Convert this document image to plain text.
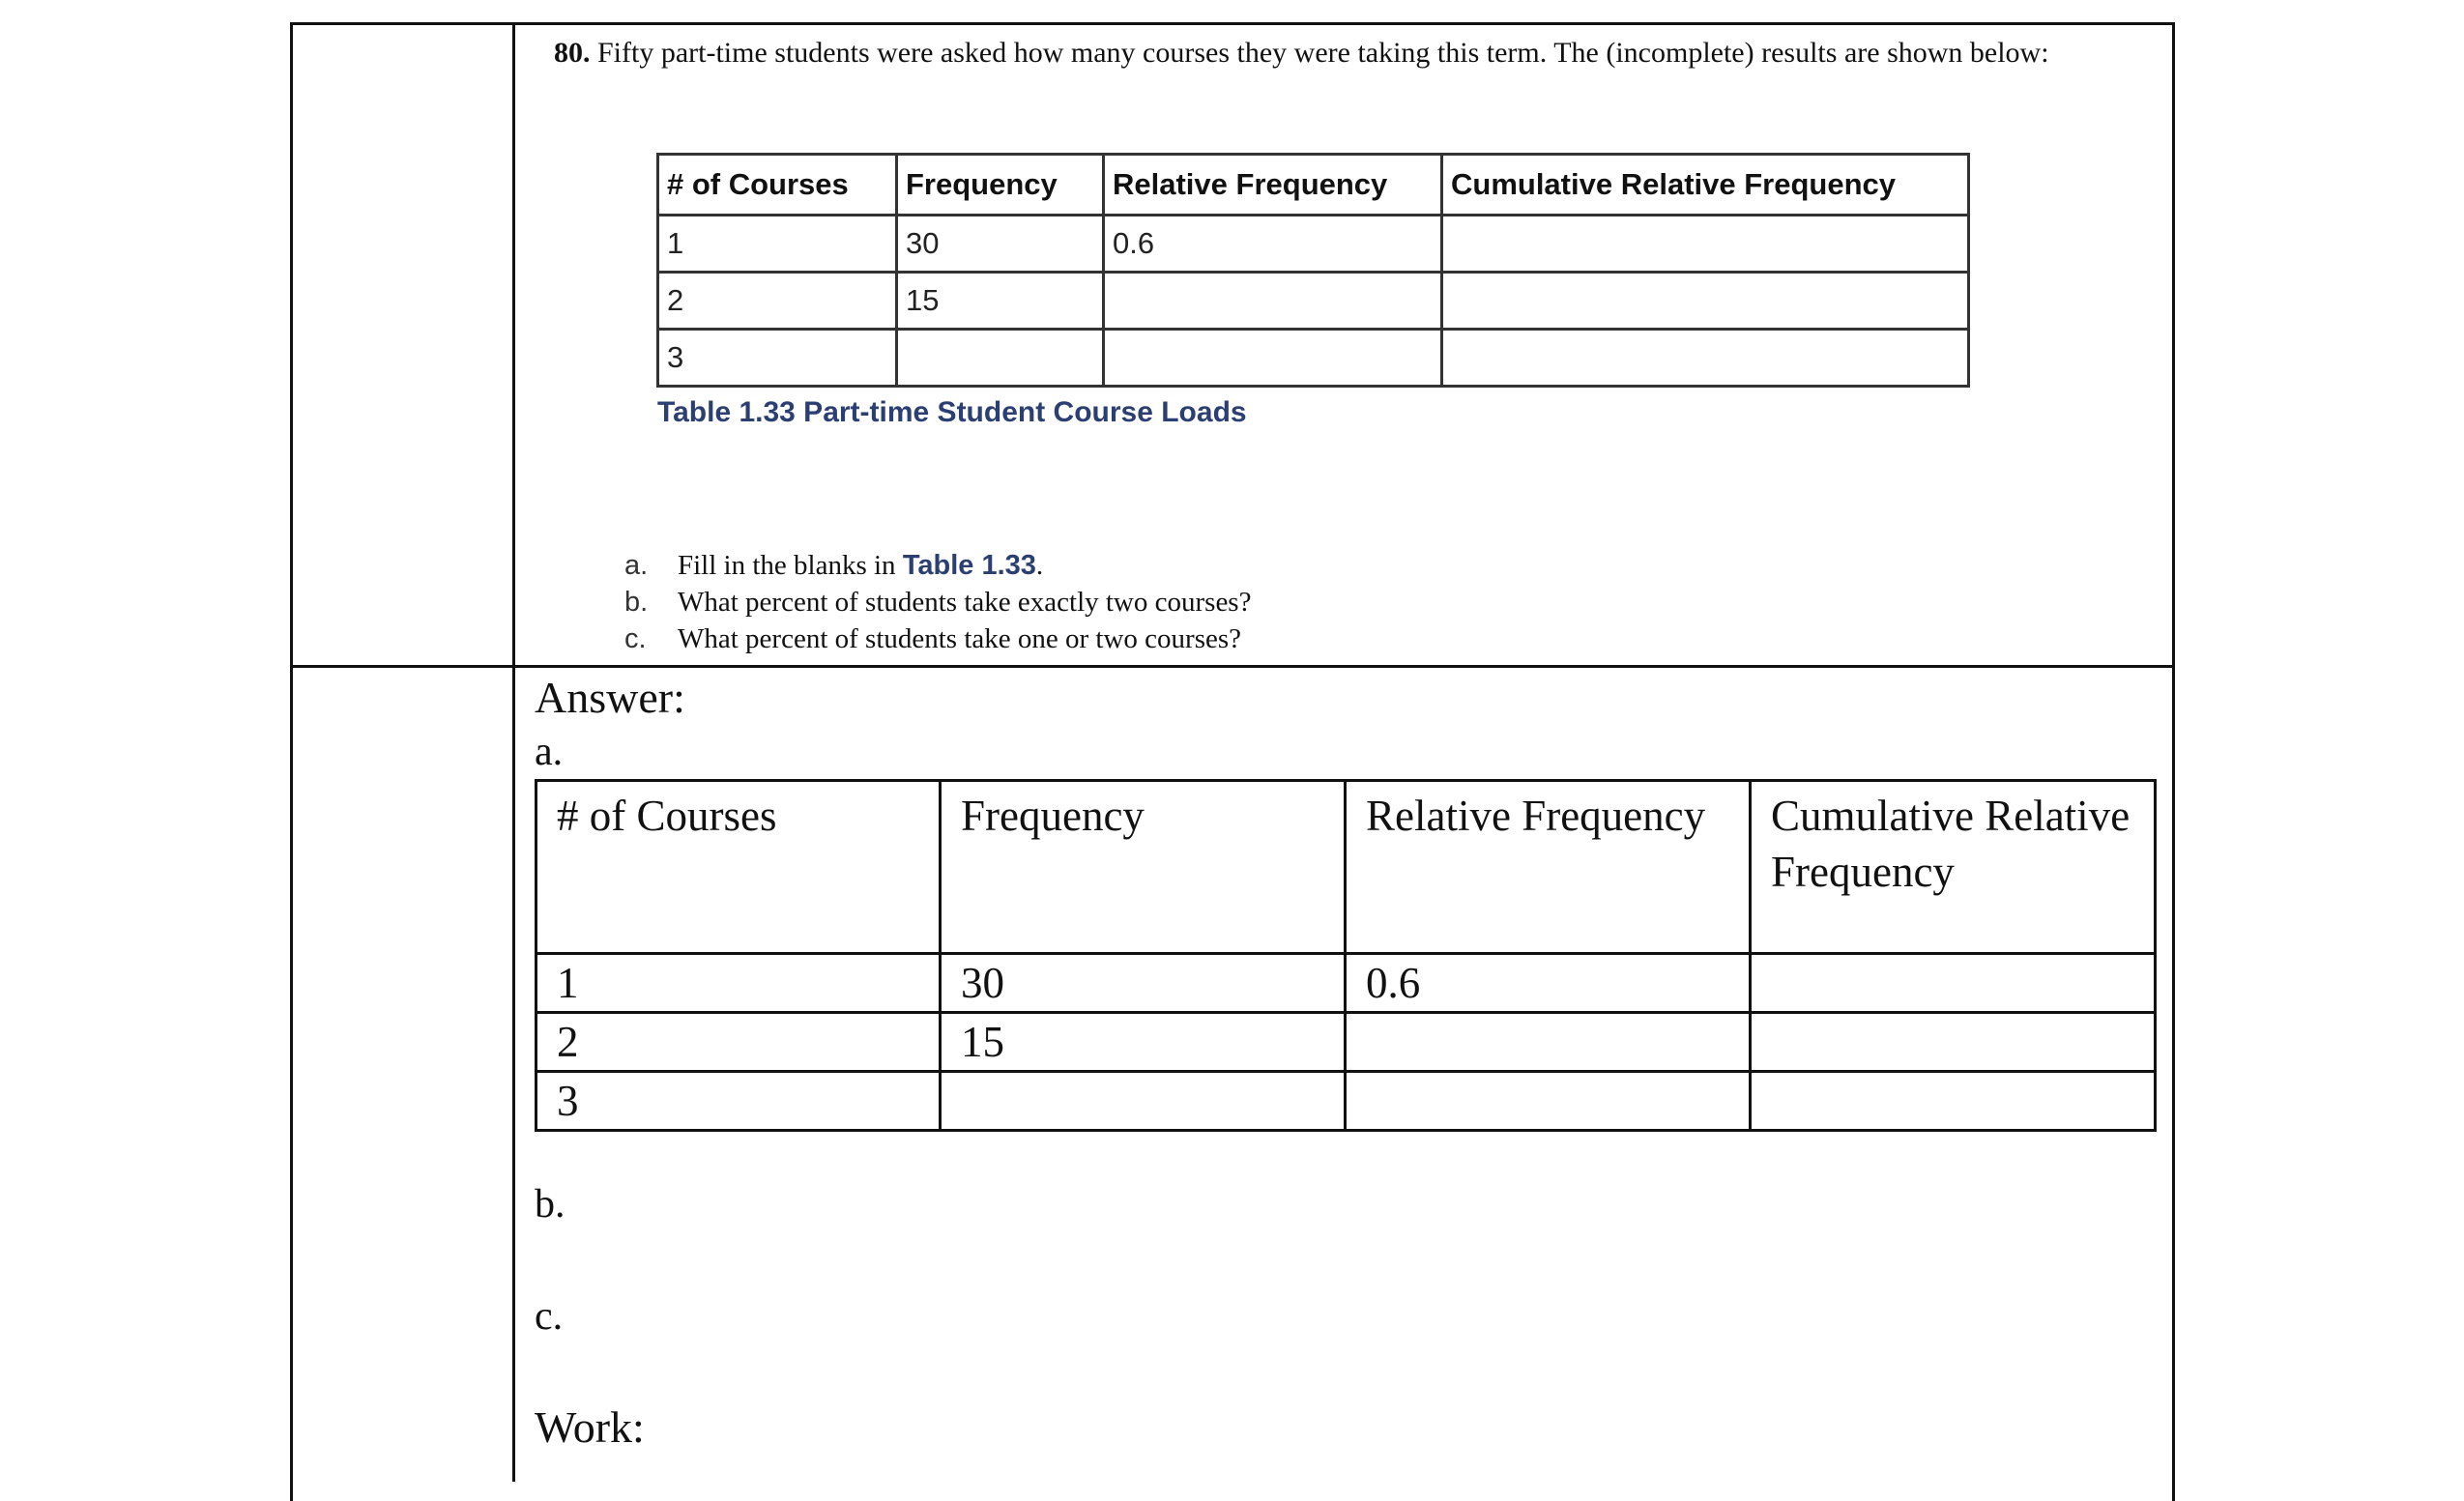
80. Fifty part-time students were asked how many courses they were taking this term. The (incomplete) results are shown below:
# of Courses	Frequency	Relative Frequency	Cumulative Relative Frequency
1	30	0.6	
2	15		
3			
Table 1.33 Part-time Student Course Loads
a.	Fill in the blanks in Table 1.33.
b.	What percent of students take exactly two courses?
c.	What percent of students take one or two courses?
Answer:
a.
# of Courses	Frequency	Relative Frequency	Cumulative Relative Frequency
1	30	0.6	
2	15		
3			
b.
c.
Work:
